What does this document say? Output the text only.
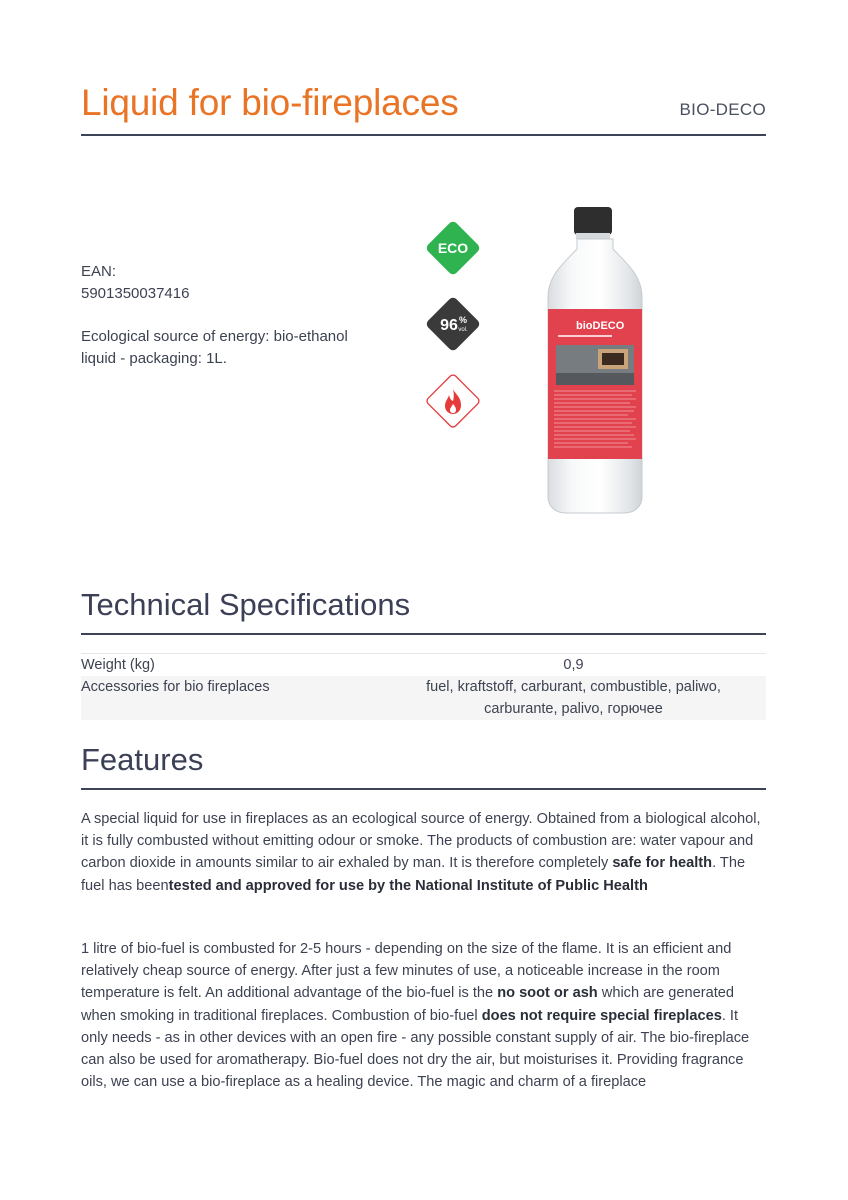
Liquid for bio-fireplaces	BIO-DECO
EAN:
5901350037416
Ecological source of energy: bio-ethanol
liquid - packaging: 1L.
ECO
96 %
vol.	bioDECO
Technical Specifications
Weight (kg)	0,9
Accessories for bio fireplaces	fuel, kraftstoff, carburant, combustible, paliwo,
carburante, palivo, горючее
Features
A special liquid for use in fireplaces as an ecological source of energy. Obtained from a biological alcohol, it is fully combusted without emitting odour or smoke. The products of combustion are: water vapour and carbon dioxide in amounts similar to air exhaled by man. It is therefore completely safe for health. The fuel has beentested and approved for use by the National Institute of Public Health
1 litre of bio-fuel is combusted for 2-5 hours - depending on the size of the flame. It is an efficient and relatively cheap source of energy. After just a few minutes of use, a noticeable increase in the room temperature is felt. An additional advantage of the bio-fuel is the no soot or ash which are generated when smoking in traditional fireplaces. Combustion of bio-fuel does not require special fireplaces. It only needs - as in other devices with an open fire - any possible constant supply of air. The bio-fireplace can also be used for aromatherapy. Bio-fuel does not dry the air, but moisturises it. Providing fragrance oils, we can use a bio-fireplace as a healing device. The magic and charm of a fireplace
